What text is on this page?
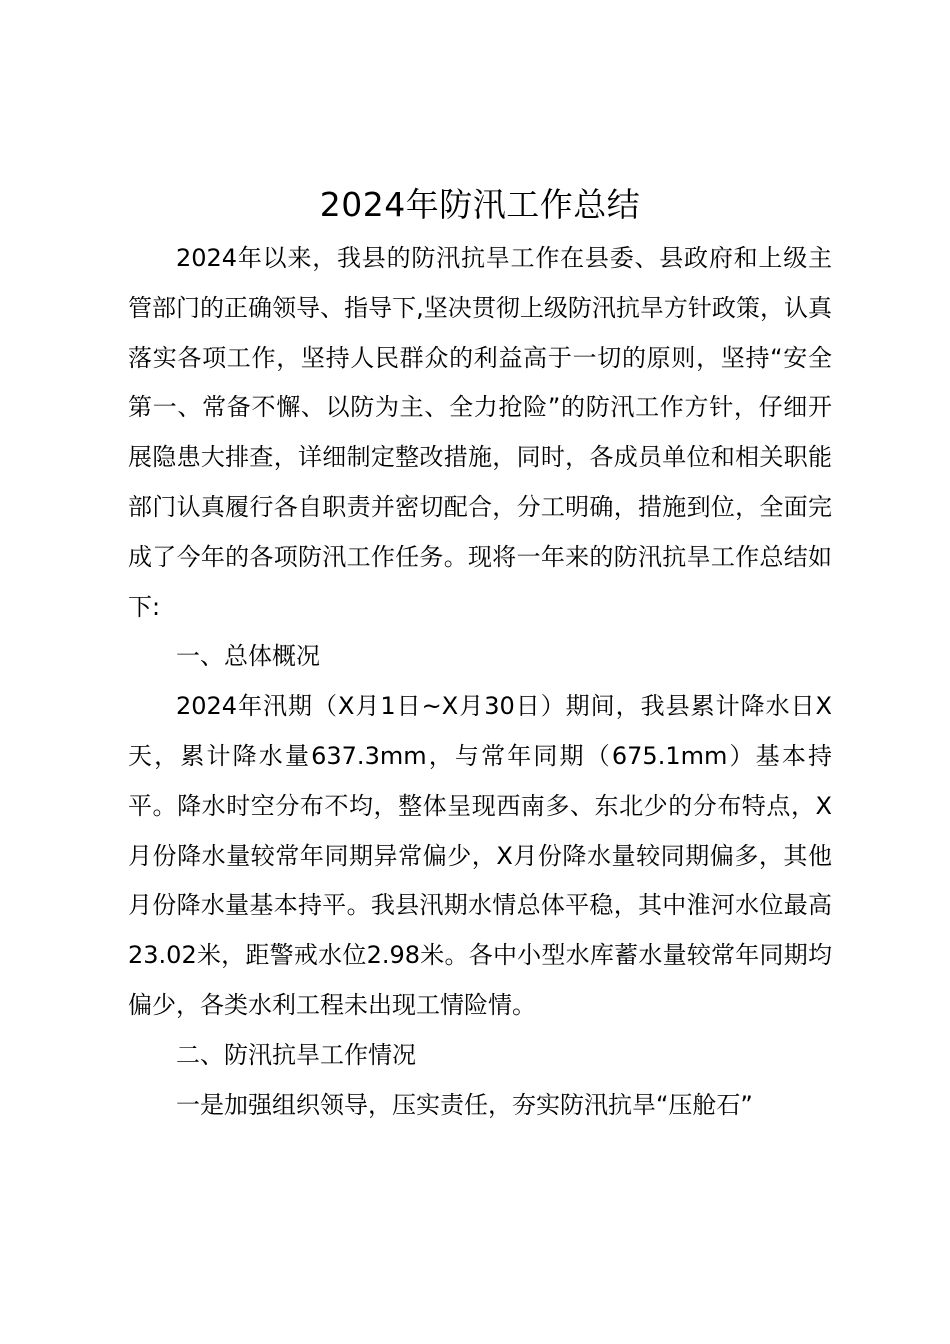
2024年防汛工作总结

2024年以来，我县的防汛抗旱工作在县委、县政府和上级主管部门的正确领导、指导下,坚决贯彻上级防汛抗旱方针政策，认真落实各项工作，坚持人民群众的利益高于一切的原则，坚持“安全第一、常备不懈、以防为主、全力抢险”的防汛工作方针，仔细开展隐患大排查，详细制定整改措施，同时，各成员单位和相关职能部门认真履行各自职责并密切配合，分工明确，措施到位，全面完成了今年的各项防汛工作任务。现将一年来的防汛抗旱工作总结如下:

一、总体概况

2024年汛期（X月1日~X月30日）期间，我县累计降水日X天，累计降水量637.3mm，与常年同期（675.1mm）基本持平。降水时空分布不均，整体呈现西南多、东北少的分布特点，X月份降水量较常年同期异常偏少，X月份降水量较同期偏多，其他月份降水量基本持平。我县汛期水情总体平稳，其中淮河水位最高23.02米，距警戒水位2.98米。各中小型水库蓄水量较常年同期均偏少，各类水利工程未出现工情险情。

二、防汛抗旱工作情况

一是加强组织领导，压实责任，夯实防汛抗旱“压舱石”
